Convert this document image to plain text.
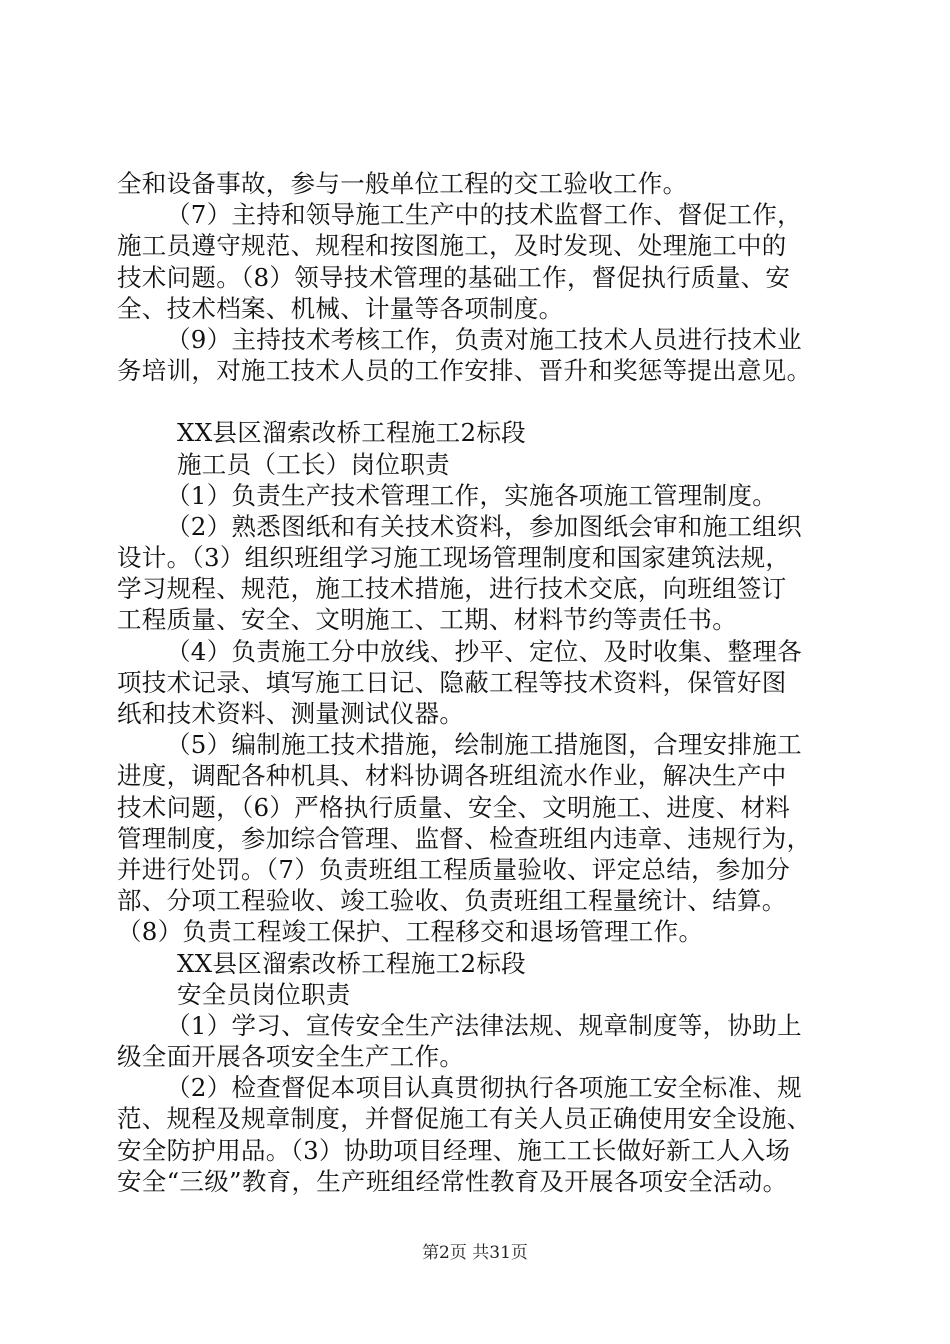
全和设备事故，参与一般单位工程的交工验收工作。
（7）主持和领导施工生产中的技术监督工作、督促工作，
施工员遵守规范、规程和按图施工，及时发现、处理施工中的
技术问题。（8）领导技术管理的基础工作，督促执行质量、安
全、技术档案、机械、计量等各项制度。
（9）主持技术考核工作，负责对施工技术人员进行技术业
务培训，对施工技术人员的工作安排、晋升和奖惩等提出意见。
XX县区溜索改桥工程施工2标段
施工员（工长）岗位职责
（1）负责生产技术管理工作，实施各项施工管理制度。
（2）熟悉图纸和有关技术资料，参加图纸会审和施工组织
设计。（3）组织班组学习施工现场管理制度和国家建筑法规，
学习规程、规范，施工技术措施，进行技术交底，向班组签订
工程质量、安全、文明施工、工期、材料节约等责任书。
（4）负责施工分中放线、抄平、定位、及时收集、整理各
项技术记录、填写施工日记、隐蔽工程等技术资料，保管好图
纸和技术资料、测量测试仪器。
（5）编制施工技术措施，绘制施工措施图，合理安排施工
进度，调配各种机具、材料协调各班组流水作业，解决生产中
技术问题，（6）严格执行质量、安全、文明施工、进度、材料
管理制度，参加综合管理、监督、检查班组内违章、违规行为，
并进行处罚。（7）负责班组工程质量验收、评定总结，参加分
部、分项工程验收、竣工验收、负责班组工程量统计、结算。
（8）负责工程竣工保护、工程移交和退场管理工作。
XX县区溜索改桥工程施工2标段
安全员岗位职责
（1）学习、宣传安全生产法律法规、规章制度等，协助上
级全面开展各项安全生产工作。
（2）检查督促本项目认真贯彻执行各项施工安全标准、规
范、规程及规章制度，并督促施工有关人员正确使用安全设施、
安全防护用品。（3）协助项目经理、施工工长做好新工人入场
安全“三级”教育，生产班组经常性教育及开展各项安全活动。
第2页 共31页
